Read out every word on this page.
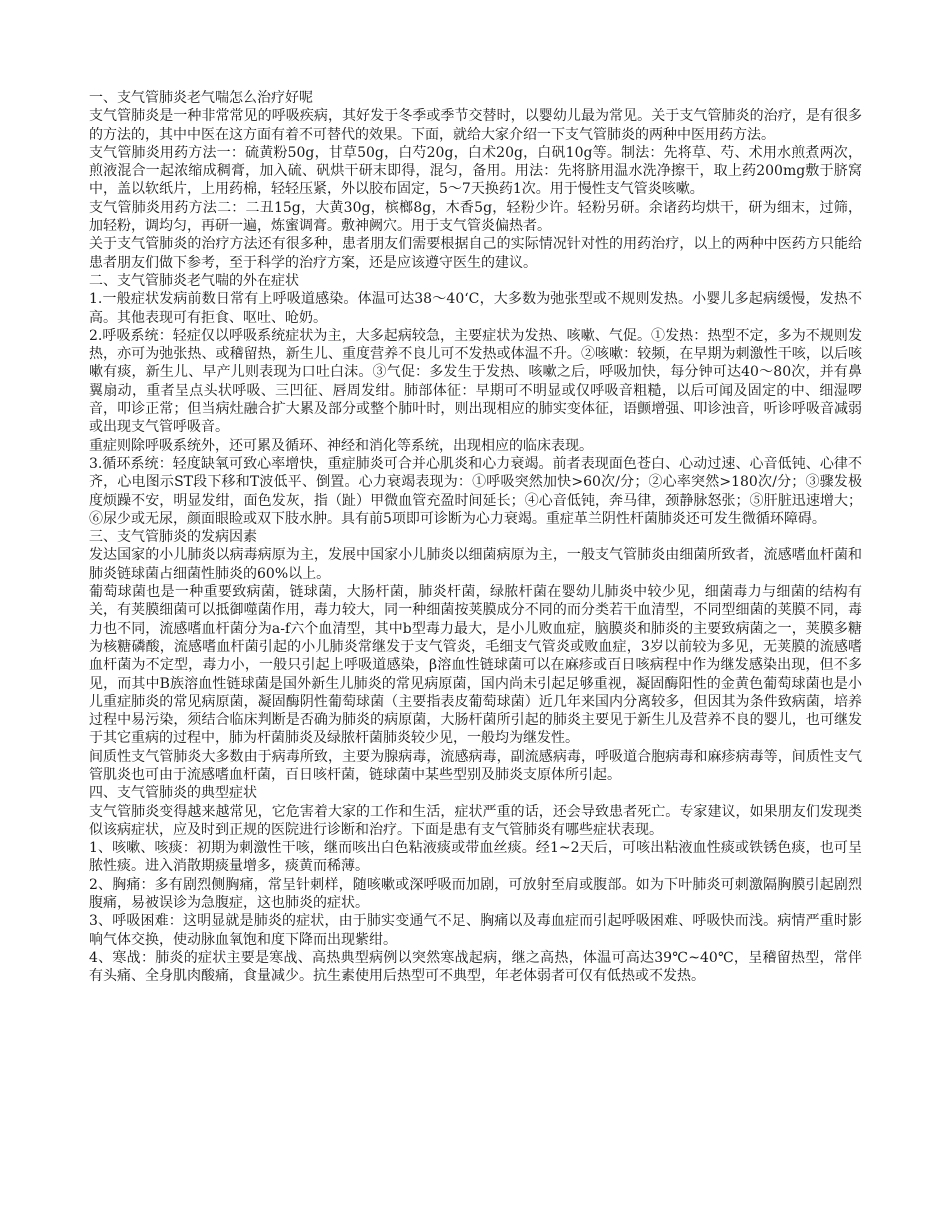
一、支气管肺炎老气喘怎么治疗好呢

支气管肺炎是一种非常常见的呼吸疾病，其好发于冬季或季节交替时，以婴幼儿最为常见。关于支气管肺炎的治疗，是有很多的方法的，其中中医在这方面有着不可替代的效果。下面，就给大家介绍一下支气管肺炎的两种中医用药方法。

支气管肺炎用药方法一：硫黄粉50g，甘草50g，白芍20g，白术20g，白矾10g等。制法：先将草、芍、术用水煎煮两次，煎液混合一起浓缩成稠膏，加入硫、矾烘干研末即得，混匀，备用。用法：先将脐用温水洗净擦干，取上药200mg敷于脐窝中，盖以软纸片，上用药棉，轻轻压紧，外以胶布固定，5～7天换药1次。用于慢性支气管炎咳嗽。

支气管肺炎用药方法二：二丑15g，大黄30g，槟榔8g，木香5g，轻粉少许。轻粉另研。余诸药均烘干，研为细末，过筛，加轻粉，调均匀，再研一遍，炼蜜调膏。敷神阙穴。用于支气管炎偏热者。

关于支气管肺炎的治疗方法还有很多种，患者朋友们需要根据自己的实际情况针对性的用药治疗，以上的两种中医药方只能给患者朋友们做下参考，至于科学的治疗方案，还是应该遵守医生的建议。

二、支气管肺炎老气喘的外在症状

1.一般症状发病前数日常有上呼吸道感染。体温可达38～40‘C，大多数为弛张型或不规则发热。小婴儿多起病缓慢，发热不高。其他表现可有拒食、呕吐、呛奶。

2.呼吸系统：轻症仅以呼吸系统症状为主，大多起病较急，主要症状为发热、咳嗽、气促。①发热：热型不定，多为不规则发热，亦可为弛张热、或稽留热，新生儿、重度营养不良儿可不发热或体温不升。②咳嗽：较频，在早期为刺激性干咳，以后咳嗽有痰，新生儿、早产儿则表现为口吐白沫。③气促：多发生于发热、咳嗽之后，呼吸加快，每分钟可达40～80次，并有鼻翼扇动，重者呈点头状呼吸、三凹征、唇周发绀。肺部体征：早期可不明显或仅呼吸音粗糙，以后可闻及固定的中、细湿啰音，叩诊正常；但当病灶融合扩大累及部分或整个肺叶时，则出现相应的肺实变体征，语颤增强、叩诊浊音，听诊呼吸音减弱或出现支气管呼吸音。

重症则除呼吸系统外，还可累及循环、神经和消化等系统，出现相应的临床表现。

3.循环系统：轻度缺氧可致心率增快，重症肺炎可合并心肌炎和心力衰竭。前者表现面色苍白、心动过速、心音低钝、心律不齐，心电图示ST段下移和T波低平、倒置。心力衰竭表现为：①呼吸突然加快>60次/分；②心率突然>180次/分；③骤发极度烦躁不安，明显发绀，面色发灰，指（趾）甲微血管充盈时间延长；④心音低钝，奔马律，颈静脉怒张；⑤肝脏迅速增大；⑥尿少或无尿，颜面眼睑或双下肢水肿。具有前5项即可诊断为心力衰竭。重症革兰阴性杆菌肺炎还可发生微循环障碍。

三、支气管肺炎的发病因素

发达国家的小儿肺炎以病毒病原为主，发展中国家小儿肺炎以细菌病原为主，一般支气管肺炎由细菌所致者，流感嗜血杆菌和肺炎链球菌占细菌性肺炎的60%以上。

葡萄球菌也是一种重要致病菌，链球菌，大肠杆菌，肺炎杆菌，绿脓杆菌在婴幼儿肺炎中较少见，细菌毒力与细菌的结构有关，有荚膜细菌可以抵御噬菌作用，毒力较大，同一种细菌按荚膜成分不同的而分类若干血清型，不同型细菌的荚膜不同，毒力也不同，流感嗜血杆菌分为a-f六个血清型，其中b型毒力最大，是小儿败血症，脑膜炎和肺炎的主要致病菌之一，荚膜多糖为核糖磷酸，流感嗜血杆菌引起的小儿肺炎常继发于支气管炎，毛细支气管炎或败血症，3岁以前较为多见，无荚膜的流感嗜血杆菌为不定型，毒力小，一般只引起上呼吸道感染，β溶血性链球菌可以在麻疹或百日咳病程中作为继发感染出现，但不多见，而其中B族溶血性链球菌是国外新生儿肺炎的常见病原菌，国内尚未引起足够重视，凝固酶阳性的金黄色葡萄球菌也是小儿重症肺炎的常见病原菌，凝固酶阴性葡萄球菌（主要指表皮葡萄球菌）近几年来国内分离较多，但因其为条件致病菌，培养过程中易污染，须结合临床判断是否确为肺炎的病原菌，大肠杆菌所引起的肺炎主要见于新生儿及营养不良的婴儿，也可继发于其它重病的过程中，肺为杆菌肺炎及绿脓杆菌肺炎较少见，一般均为继发性。

间质性支气管肺炎大多数由于病毒所致，主要为腺病毒，流感病毒，副流感病毒，呼吸道合胞病毒和麻疹病毒等，间质性支气管肌炎也可由于流感嗜血杆菌，百日咳杆菌，链球菌中某些型别及肺炎支原体所引起。

四、支气管肺炎的典型症状

支气管肺炎变得越来越常见，它危害着大家的工作和生活，症状严重的话，还会导致患者死亡。专家建议，如果朋友们发现类似该病症状，应及时到正规的医院进行诊断和治疗。下面是患有支气管肺炎有哪些症状表现。

1、咳嗽、咳痰：初期为刺激性干咳，继而咳出白色粘液痰或带血丝痰。经1~2天后，可咳出粘液血性痰或铁锈色痰，也可呈脓性痰。进入消散期痰量增多，痰黄而稀薄。

2、胸痛：多有剧烈侧胸痛，常呈针刺样，随咳嗽或深呼吸而加剧，可放射至肩或腹部。如为下叶肺炎可刺激隔胸膜引起剧烈腹痛，易被误诊为急腹症，这也肺炎的症状。

3、呼吸困难：这明显就是肺炎的症状，由于肺实变通气不足、胸痛以及毒血症而引起呼吸困难、呼吸快而浅。病情严重时影响气体交换，使动脉血氧饱和度下降而出现紫绀。

4、寒战：肺炎的症状主要是寒战、高热典型病例以突然寒战起病，继之高热，体温可高达39℃~40℃，呈稽留热型，常伴有头痛、全身肌肉酸痛，食量减少。抗生素使用后热型可不典型，年老体弱者可仅有低热或不发热。
